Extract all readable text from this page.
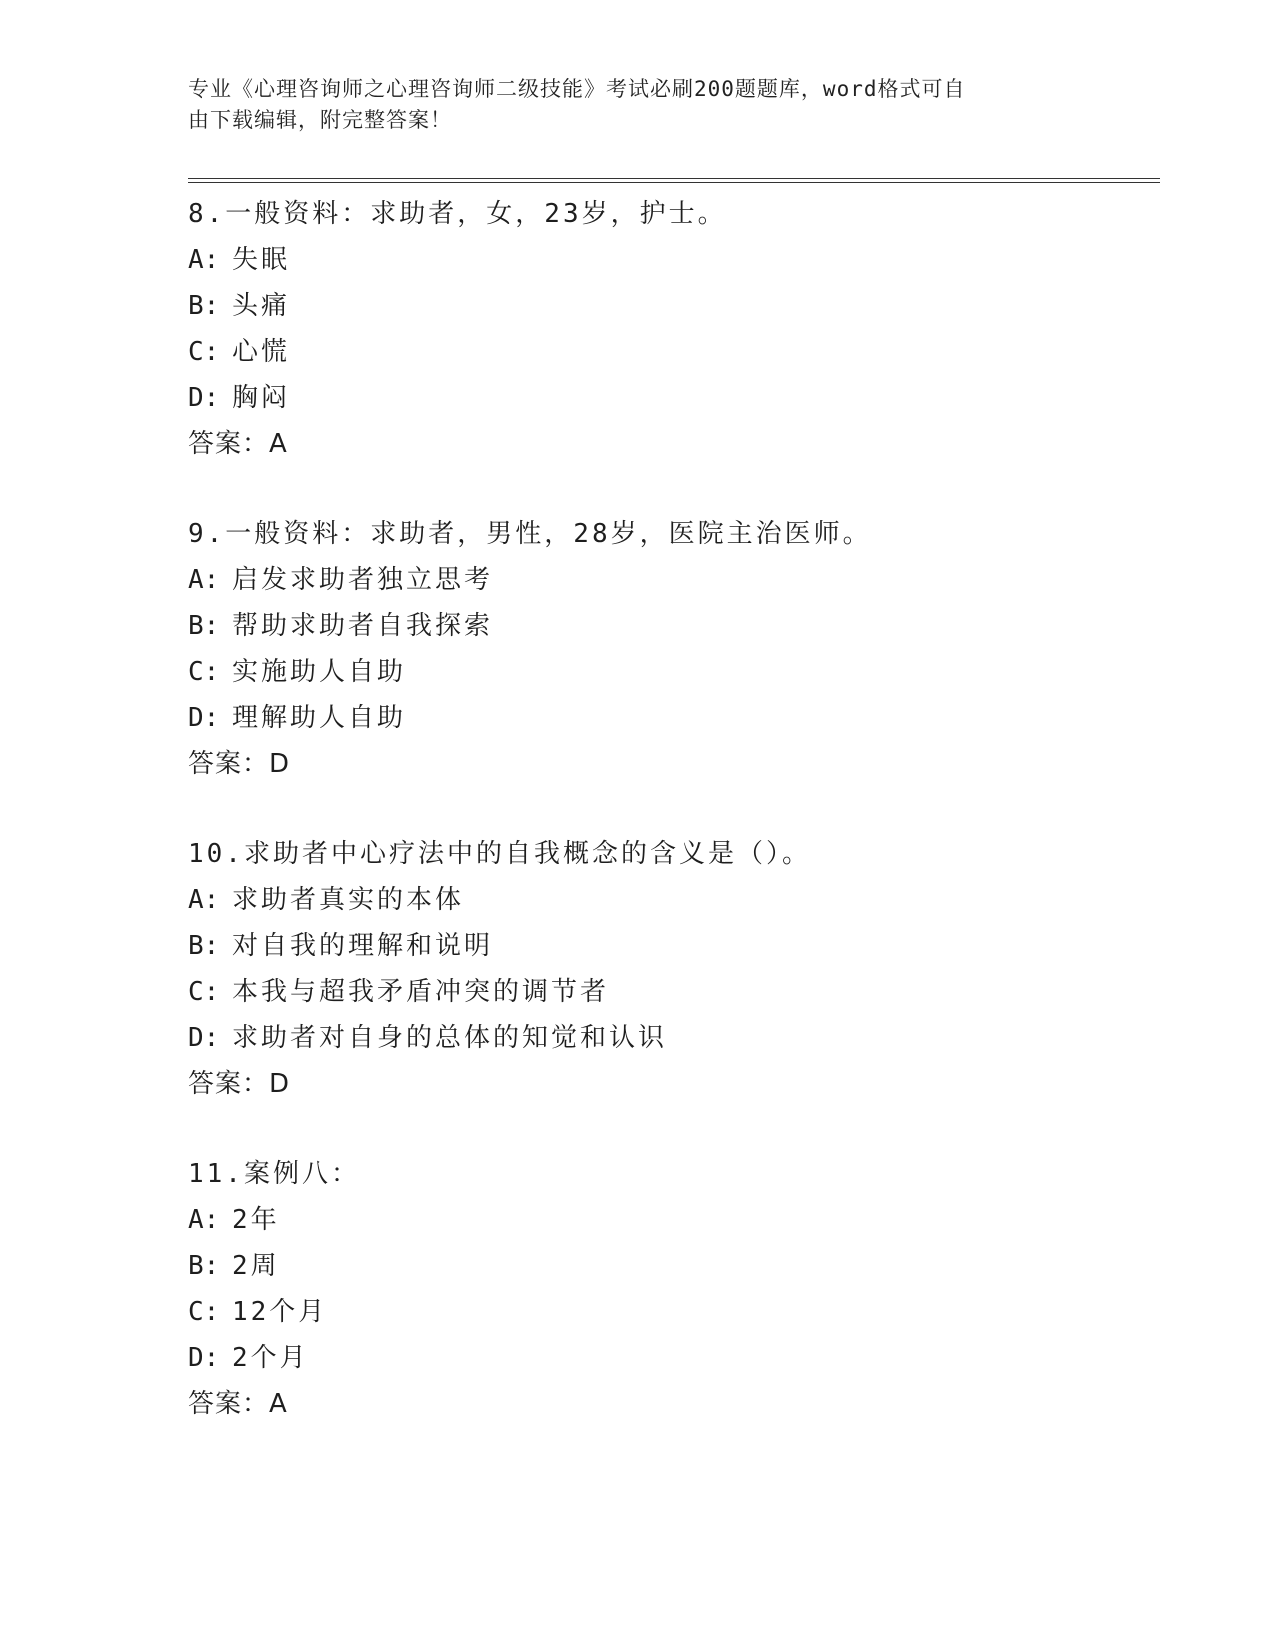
专业《心理咨询师之心理咨询师二级技能》考试必刷200题题库，word格式可自
由下载编辑，附完整答案！
8.一般资料：求助者，女，23岁，护士。
A: 失眠
B: 头痛
C: 心慌
D: 胸闷
答案：A
9.一般资料：求助者，男性，28岁，医院主治医师。
A: 启发求助者独立思考
B: 帮助求助者自我探索
C: 实施助人自助
D: 理解助人自助
答案：D
10.求助者中心疗法中的自我概念的含义是（）。
A: 求助者真实的本体
B: 对自我的理解和说明
C: 本我与超我矛盾冲突的调节者
D: 求助者对自身的总体的知觉和认识
答案：D
11.案例八：
A: 2年
B: 2周
C: 12个月
D: 2个月
答案：A
